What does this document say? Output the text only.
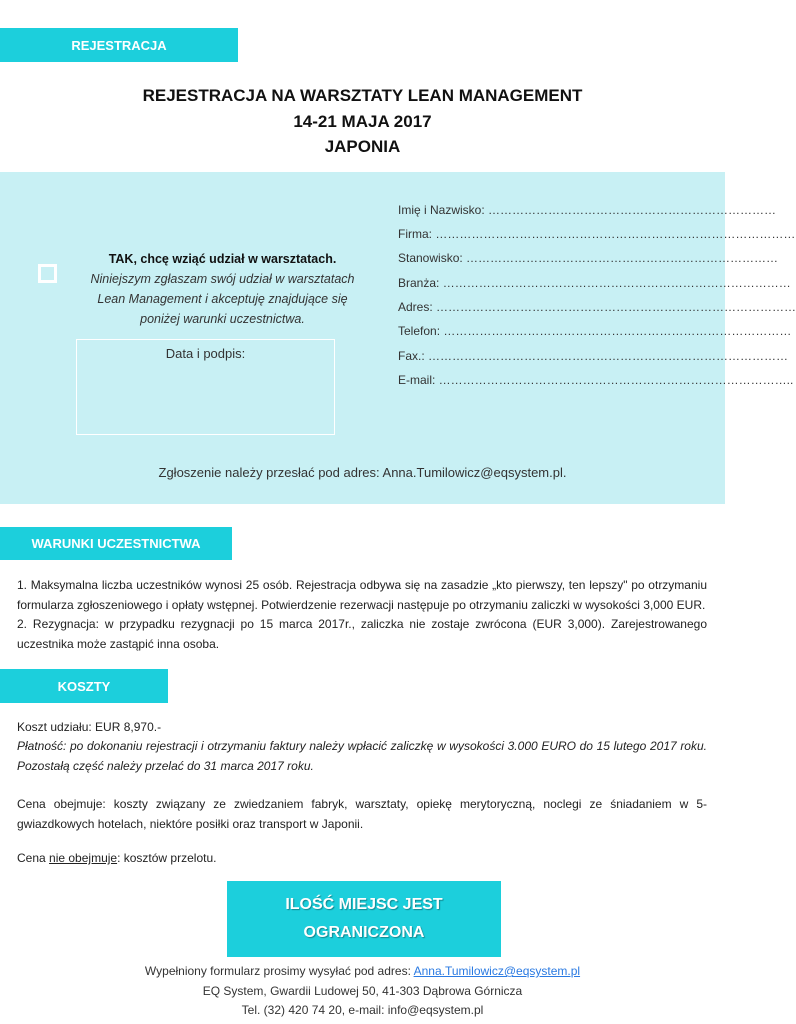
REJESTRACJA
REJESTRACJA NA WARSZTATY LEAN MANAGEMENT
14-21 MAJA 2017
JAPONIA
TAK, chcę wziąć udział w warsztatach.
Niniejszym zgłaszam swój udział w warsztatach
Lean Management i akceptuję znajdujące się
poniżej warunki uczestnictwa.
Data i podpis:
Imię i Nazwisko: ………………………………………………………………
Firma: ………………………………………………………………………………
Stanowisko: ……………………………………………………………………
Branża: ……………………………………………………………………………
Adres: ………………………………………………………………………………
Telefon: ……………………………………………………………………………
Fax.: ………………………………………………………………………………
E-mail: ……………………………………………………………………………..
Zgłoszenie należy przesłać pod adres: Anna.Tumilowicz@eqsystem.pl.
WARUNKI UCZESTNICTWA
1. Maksymalna liczba uczestników wynosi 25 osób. Rejestracja odbywa się na zasadzie „kto pierwszy, ten lepszy" po otrzymaniu formularza zgłoszeniowego i opłaty wstępnej. Potwierdzenie rezerwacji następuje po otrzymaniu zaliczki w wysokości 3,000 EUR.
2. Rezygnacja: w przypadku rezygnacji po 15 marca 2017r., zaliczka nie zostaje zwrócona (EUR 3,000). Zarejestrowanego uczestnika może zastąpić inna osoba.
KOSZTY
Koszt udziału: EUR 8,970.-
Płatność: po dokonaniu rejestracji i otrzymaniu faktury należy wpłacić zaliczkę w wysokości 3.000 EURO do 15 lutego 2017 roku. Pozostałą część należy przelać do 31 marca 2017 roku.
Cena obejmuje: koszty związany ze zwiedzaniem fabryk, warsztaty, opiekę merytoryczną, noclegi ze śniadaniem w 5-gwiazdkowych hotelach, niektóre posiłki oraz transport w Japonii.
Cena nie obejmuje: kosztów przelotu.
ILOŚĆ MIEJSC JEST
OGRANICZONA
Wypełniony formularz prosimy wysyłać pod adres: Anna.Tumilowicz@eqsystem.pl
EQ System, Gwardii Ludowej 50, 41-303 Dąbrowa Górnicza
Tel. (32) 420 74 20, e-mail: info@eqsystem.pl
